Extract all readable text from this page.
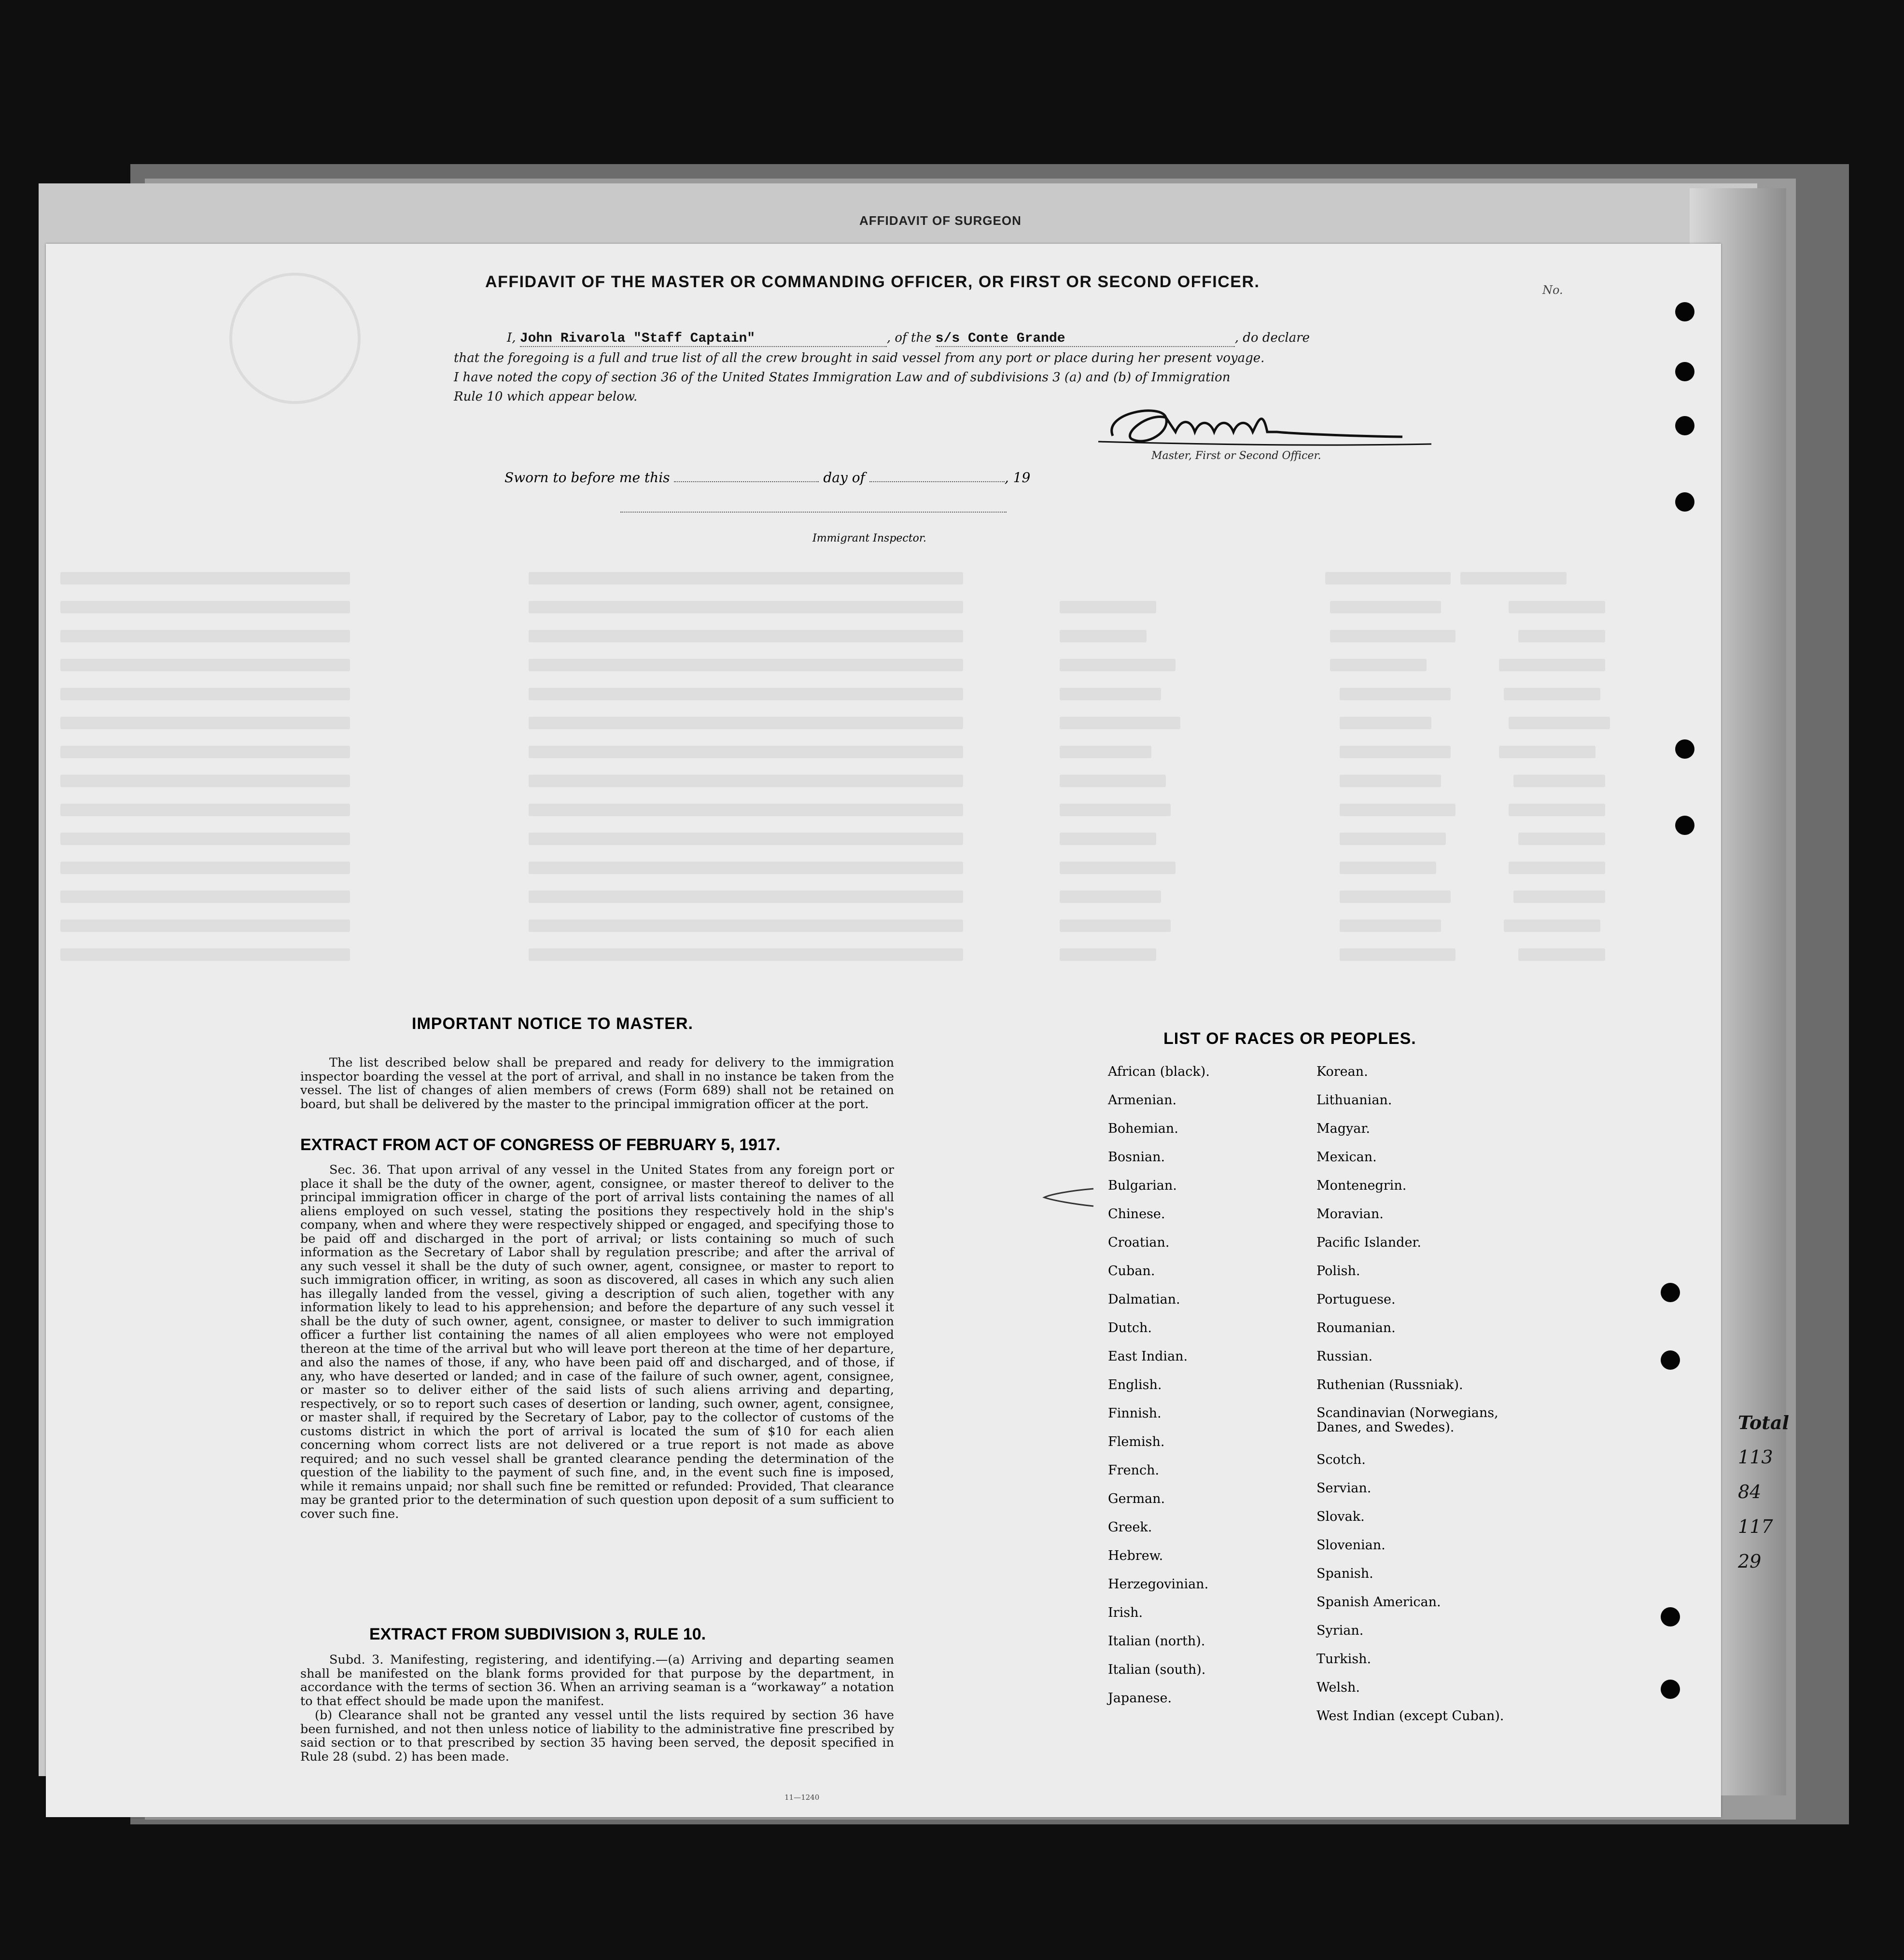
AFFIDAVIT OF SURGEON
AFFIDAVIT OF THE MASTER OR COMMANDING OFFICER, OR FIRST OR SECOND OFFICER.	No.
I, John Rivarola "Staff Captain"	, of the s/s Conte Grande	, do declare
that the foregoing is a full and true list of all the crew brought in said vessel from any port or place during her present voyage.
I have noted the copy of section 36 of the United States Immigration Law and of subdivisions 3 (a) and (b) of Immigration
Rule 10 which appear below.
Master, First or Second Officer.
Sworn to before me this	day of	, 19
Immigrant Inspector.
IMPORTANT NOTICE TO MASTER.
The list described below shall be prepared and ready for delivery to the immigration inspector boarding the vessel at the port of arrival, and shall in no instance be taken from the vessel. The list of changes of alien members of crews (Form 689) shall not be retained on board, but shall be delivered by the master to the principal immigration officer at the port.
EXTRACT FROM ACT OF CONGRESS OF FEBRUARY 5, 1917.
Sec. 36. That upon arrival of any vessel in the United States from any foreign port or place it shall be the duty of the owner, agent, consignee, or master thereof to deliver to the principal immigration officer in charge of the port of arrival lists containing the names of all aliens employed on such vessel, stating the positions they respectively hold in the ship's company, when and where they were respectively shipped or engaged, and specifying those to be paid off and discharged in the port of arrival; or lists containing so much of such information as the Secretary of Labor shall by regulation prescribe; and after the arrival of any such vessel it shall be the duty of such owner, agent, consignee, or master to report to such immigration officer, in writing, as soon as discovered, all cases in which any such alien has illegally landed from the vessel, giving a description of such alien, together with any information likely to lead to his apprehension; and before the departure of any such vessel it shall be the duty of such owner, agent, consignee, or master to deliver to such immigration officer a further list containing the names of all alien employees who were not employed thereon at the time of the arrival but who will leave port thereon at the time of her departure, and also the names of those, if any, who have been paid off and discharged, and of those, if any, who have deserted or landed; and in case of the failure of such owner, agent, consignee, or master so to deliver either of the said lists of such aliens arriving and departing, respectively, or so to report such cases of desertion or landing, such owner, agent, consignee, or master shall, if required by the Secretary of Labor, pay to the collector of customs of the customs district in which the port of arrival is located the sum of $10 for each alien concerning whom correct lists are not delivered or a true report is not made as above required; and no such vessel shall be granted clearance pending the determination of the question of the liability to the payment of such fine, and, in the event such fine is imposed, while it remains unpaid; nor shall such fine be remitted or refunded: Provided, That clearance may be granted prior to the determination of such question upon deposit of a sum sufficient to cover such fine.
EXTRACT FROM SUBDIVISION 3, RULE 10.
Subd. 3. Manifesting, registering, and identifying.—(a) Arriving and departing seamen shall be manifested on the blank forms provided for that purpose by the department, in accordance with the terms of section 36. When an arriving seaman is a “workaway” a notation to that effect should be made upon the manifest.
(b) Clearance shall not be granted any vessel until the lists required by section 36 have been furnished, and not then unless notice of liability to the administrative fine prescribed by said section or to that prescribed by section 35 having been served, the deposit specified in Rule 28 (subd. 2) has been made.
11—1240
LIST OF RACES OR PEOPLES.
African (black).
Armenian.
Bohemian.
Bosnian.
Bulgarian.
Chinese.
Croatian.
Cuban.
Dalmatian.
Dutch.
East Indian.
English.
Finnish.
Flemish.
French.
German.
Greek.
Hebrew.
Herzegovinian.
Irish.
Italian (north).
Italian (south).
Japanese.
Korean.
Lithuanian.
Magyar.
Mexican.
Montenegrin.
Moravian.
Pacific Islander.
Polish.
Portuguese.
Roumanian.
Russian.
Ruthenian (Russniak).
Scandinavian (Norwegians, Danes, and Swedes).
Scotch.
Servian.
Slovak.
Slovenian.
Spanish.
Spanish American.
Syrian.
Turkish.
Welsh.
West Indian (except Cuban).
Total
113
84
117
29
